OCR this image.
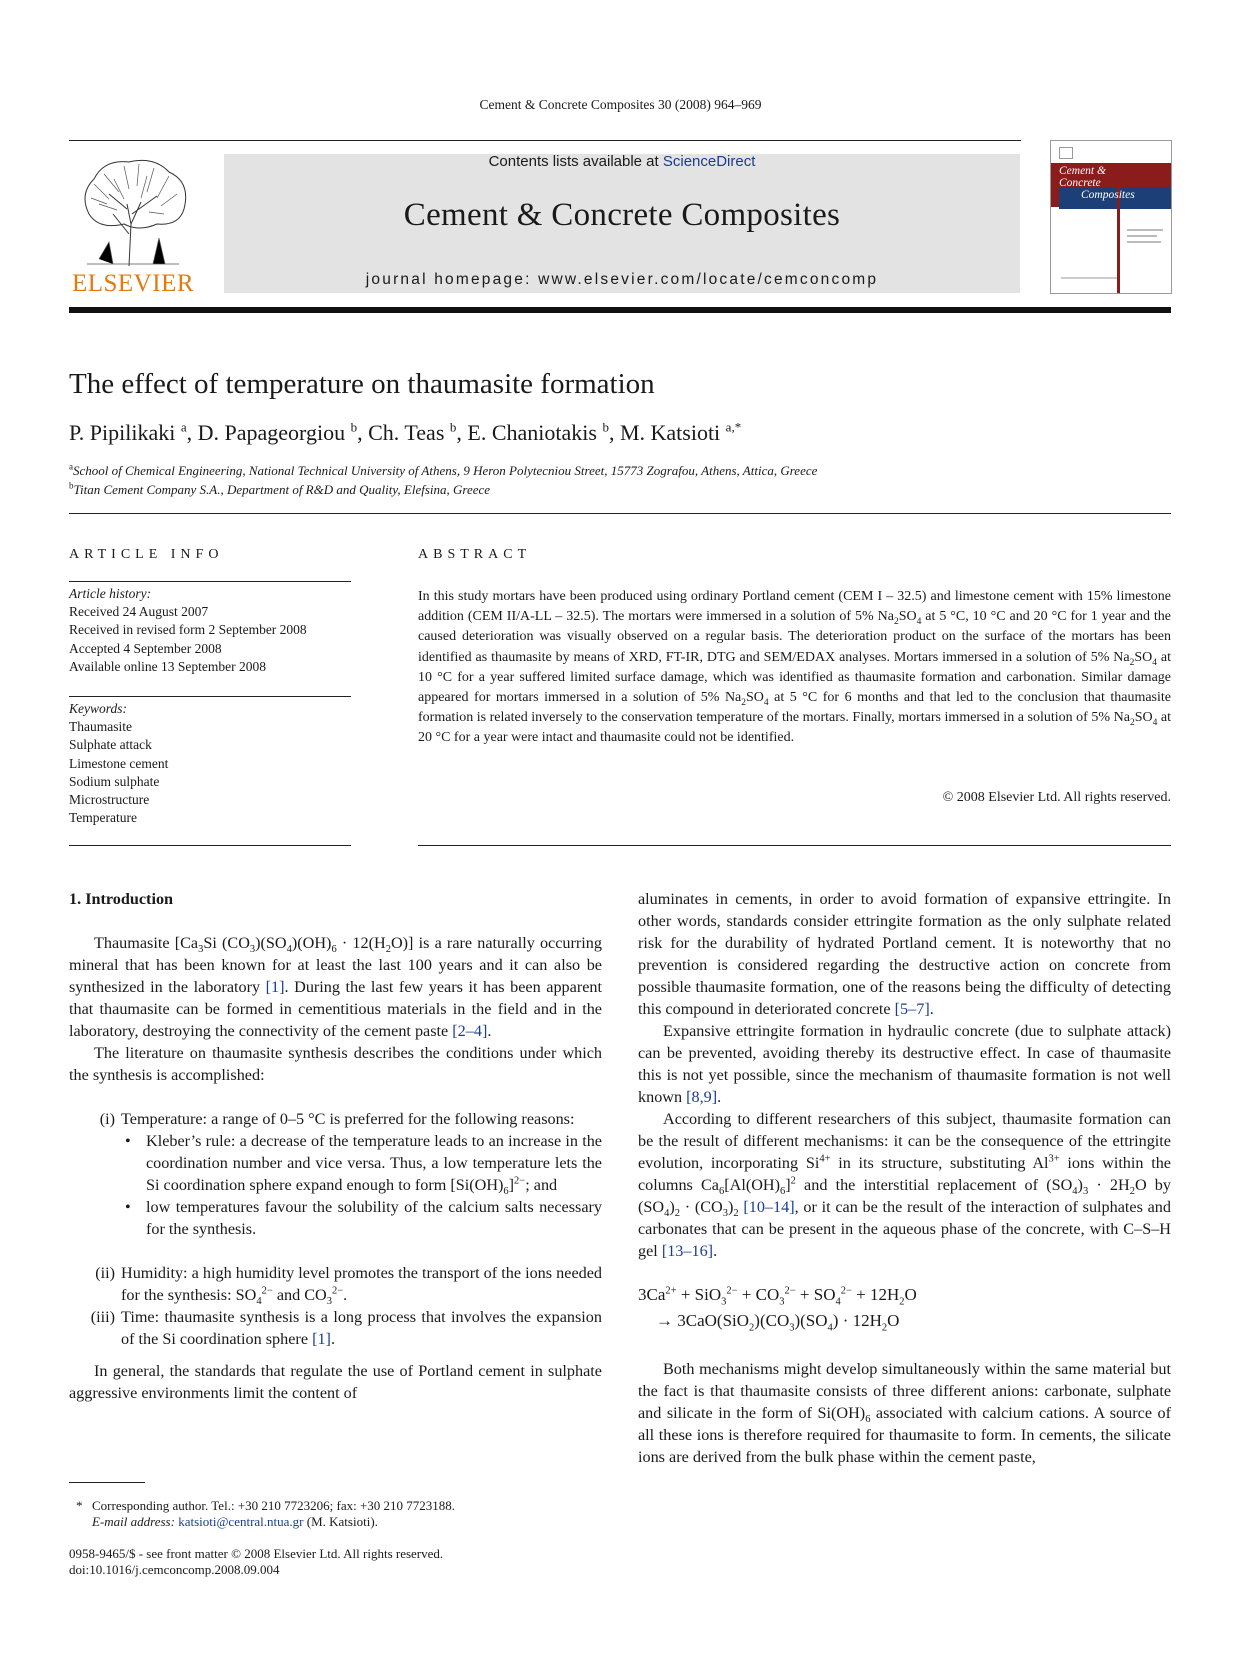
Cement & Concrete Composites 30 (2008) 964–969
ELSEVIER
Contents lists available at ScienceDirect
Cement & Concrete Composites
journal homepage: www.elsevier.com/locate/cemconcomp
Cement &
Concrete
Composites
The effect of temperature on thaumasite formation
P. Pipilikaki $^a$, D. Papageorgiou $^b$, Ch. Teas $^b$, E. Chaniotakis $^b$, M. Katsioti $^{a,*}$
$^a$School of Chemical Engineering, National Technical University of Athens, 9 Heron Polytecniou Street, 15773 Zografou, Athens, Attica, Greece
$^b$Titan Cement Company S.A., Department of R&D and Quality, Elefsina, Greece
ARTICLE INFO
Article history:
Received 24 August 2007
Received in revised form 2 September 2008
Accepted 4 September 2008
Available online 13 September 2008
Keywords:
Thaumasite
Sulphate attack
Limestone cement
Sodium sulphate
Microstructure
Temperature
ABSTRACT
In this study mortars have been produced using ordinary Portland cement (CEM I – 32.5) and limestone cement with 15% limestone addition (CEM II/A-LL – 32.5). The mortars were immersed in a solution of 5% $Na_2SO_4$ at 5 °C, 10 °C and 20 °C for 1 year and the caused deterioration was visually observed on a regular basis. The deterioration product on the surface of the mortars has been identified as thaumasite by means of XRD, FT-IR, DTG and SEM/EDAX analyses. Mortars immersed in a solution of 5% $Na_2SO_4$ at 10 °C for a year suffered limited surface damage, which was identified as thaumasite formation and carbonation. Similar damage appeared for mortars immersed in a solution of 5% $Na_2SO_4$ at 5 °C for 6 months and that led to the conclusion that thaumasite formation is related inversely to the conservation temperature of the mortars. Finally, mortars immersed in a solution of 5% $Na_2SO_4$ at 20 °C for a year were intact and thaumasite could not be identified.
© 2008 Elsevier Ltd. All rights reserved.

1. Introduction

Thaumasite [$Ca_3Si$ $(CO_3)(SO_4)(OH)_6 \cdot 12(H_2O)$] is a rare naturally occurring mineral that has been known for at least the last 100 years and it can also be synthesized in the laboratory [1]. During the last few years it has been apparent that thaumasite can be formed in cementitious materials in the field and in the laboratory, destroying the connectivity of the cement paste [2–4].

The literature on thaumasite synthesis describes the conditions under which the synthesis is accomplished:

(i) Temperature: a range of 0–5 °C is preferred for the following reasons:
• Kleber’s rule: a decrease of the temperature leads to an increase in the coordination number and vice versa. Thus, a low temperature lets the Si coordination sphere expand enough to form $[Si(OH)_6]^{2-}$; and
• low temperatures favour the solubility of the calcium salts necessary for the synthesis.
(ii) Humidity: a high humidity level promotes the transport of the ions needed for the synthesis: $SO_4^{2-}$ and $CO_3^{2-}$.
(iii) Time: thaumasite synthesis is a long process that involves the expansion of the Si coordination sphere [1].

In general, the standards that regulate the use of Portland cement in sulphate aggressive environments limit the content of

* Corresponding author. Tel.: +30 210 7723206; fax: +30 210 7723188.
E-mail address: katsioti@central.ntua.gr (M. Katsioti).
0958-9465/$ - see front matter © 2008 Elsevier Ltd. All rights reserved.
doi:10.1016/j.cemconcomp.2008.09.004

aluminates in cements, in order to avoid formation of expansive ettringite. In other words, standards consider ettringite formation as the only sulphate related risk for the durability of hydrated Portland cement. It is noteworthy that no prevention is considered regarding the destructive action on concrete from possible thaumasite formation, one of the reasons being the difficulty of detecting this compound in deteriorated concrete [5–7].

Expansive ettringite formation in hydraulic concrete (due to sulphate attack) can be prevented, avoiding thereby its destructive effect. In case of thaumasite this is not yet possible, since the mechanism of thaumasite formation is not well known [8,9].

According to different researchers of this subject, thaumasite formation can be the result of different mechanisms: it can be the consequence of the ettringite evolution, incorporating $Si^{4+}$ in its structure, substituting $Al^{3+}$ ions within the columns $Ca_6[Al(OH)_6]^2$ and the interstitial replacement of $(SO_4)_3 \cdot 2H_2O$ by $(SO_4)_2 \cdot (CO_3)_2$ [10–14], or it can be the result of the interaction of sulphates and carbonates that can be present in the aqueous phase of the concrete, with C–S–H gel [13–16].

$3Ca^{2+} + SiO_3^{2-} + CO_3^{2-} + SO_4^{2-} + 12H_2O$
→ $3CaO(SiO_2)(CO_3)(SO_4) \cdot 12H_2O$

Both mechanisms might develop simultaneously within the same material but the fact is that thaumasite consists of three different anions: carbonate, sulphate and silicate in the form of $Si(OH)_6$ associated with calcium cations. A source of all these ions is therefore required for thaumasite to form. In cements, the silicate ions are derived from the bulk phase within the cement paste,
